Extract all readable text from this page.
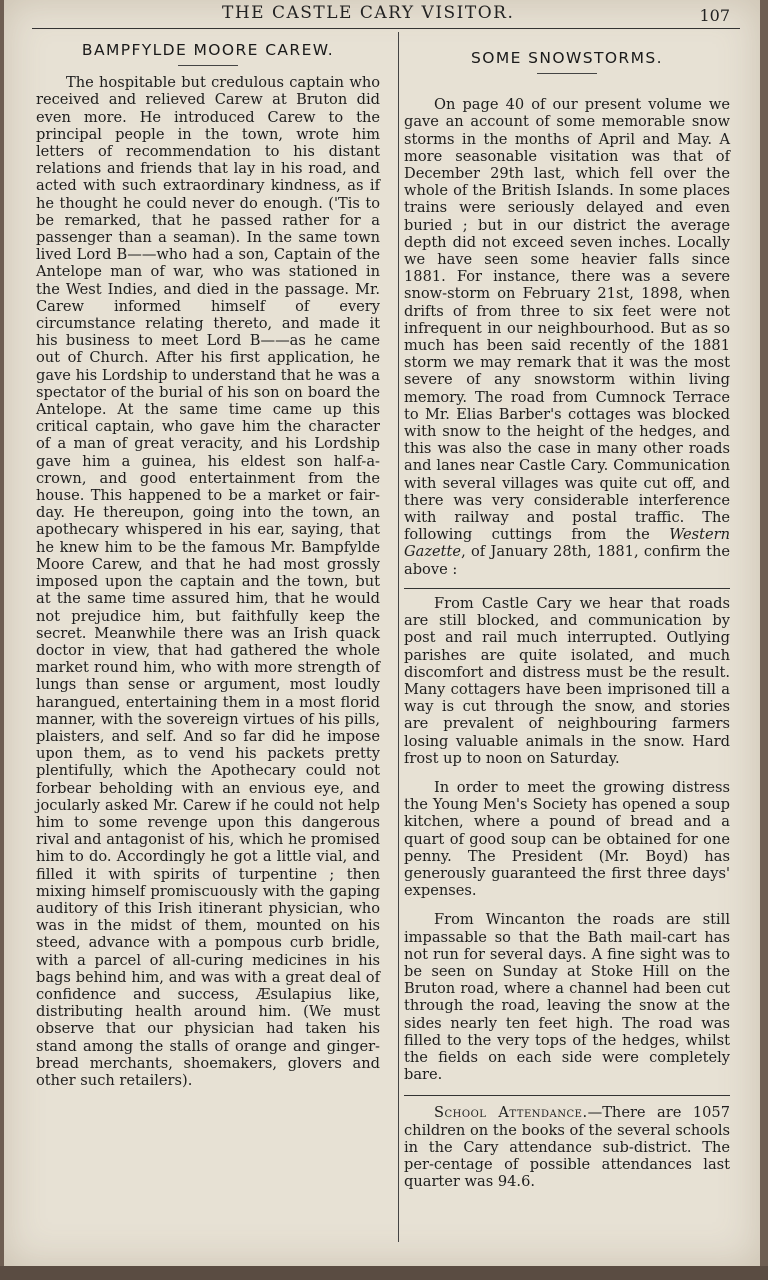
THE CASTLE CARY VISITOR.	107
BAMPFYLDE MOORE CAREW.

The hospitable but credulous captain who received and relieved Carew at Bruton did even more. He introduced Carew to the principal people in the town, wrote him letters of recommendation to his distant relations and friends that lay in his road, and acted with such extraordinary kindness, as if he thought he could never do enough. ('Tis to be remarked, that he passed rather for a passenger than a seaman). In the same town lived Lord B——who had a son, Captain of the Antelope man of war, who was stationed in the West Indies, and died in the passage. Mr. Carew informed himself of every circumstance relating thereto, and made it his business to meet Lord B——as he came out of Church. After his first application, he gave his Lordship to understand that he was a spectator of the burial of his son on board the Antelope. At the same time came up this critical captain, who gave him the character of a man of great veracity, and his Lordship gave him a guinea, his eldest son half-a-crown, and good entertainment from the house. This happened to be a market or fair-day. He thereupon, going into the town, an apothecary whispered in his ear, saying, that he knew him to be the famous Mr. Bampfylde Moore Carew, and that he had most grossly imposed upon the captain and the town, but at the same time assured him, that he would not prejudice him, but faithfully keep the secret. Meanwhile there was an Irish quack doctor in view, that had gathered the whole market round him, who with more strength of lungs than sense or argument, most loudly harangued, entertaining them in a most florid manner, with the sovereign virtues of his pills, plaisters, and self. And so far did he impose upon them, as to vend his packets pretty plentifully, which the Apothecary could not forbear beholding with an envious eye, and jocularly asked Mr. Carew if he could not help him to some revenge upon this dangerous rival and antagonist of his, which he promised him to do. Accordingly he got a little vial, and filled it with spirits of turpentine ; then mixing himself promiscuously with the gaping auditory of this Irish itinerant physician, who was in the midst of them, mounted on his steed, advance with a pompous curb bridle, with a parcel of all-curing medicines in his bags behind him, and was with a great deal of confidence and success, Æsulapius like, distributing health around him. (We must observe that our physician had taken his stand among the stalls of orange and ginger-bread merchants, shoemakers, glovers and other such retailers).

SOME SNOWSTORMS.

On page 40 of our present volume we gave an account of some memorable snow storms in the months of April and May. A more seasonable visitation was that of December 29th last, which fell over the whole of the British Islands. In some places trains were seriously delayed and even buried ; but in our district the average depth did not exceed seven inches. Locally we have seen some heavier falls since 1881. For instance, there was a severe snow-storm on February 21st, 1898, when drifts of from three to six feet were not infrequent in our neighbourhood. But as so much has been said recently of the 1881 storm we may remark that it was the most severe of any snowstorm within living memory. The road from Cumnock Terrace to Mr. Elias Barber's cottages was blocked with snow to the height of the hedges, and this was also the case in many other roads and lanes near Castle Cary. Communication with several villages was quite cut off, and there was very considerable interference with railway and postal traffic. The following cuttings from the Western Gazette, of January 28th, 1881, confirm the above :

From Castle Cary we hear that roads are still blocked, and communication by post and rail much interrupted. Outlying parishes are quite isolated, and much discomfort and distress must be the result. Many cottagers have been imprisoned till a way is cut through the snow, and stories are prevalent of neighbouring farmers losing valuable animals in the snow. Hard frost up to noon on Saturday.

In order to meet the growing distress the Young Men's Society has opened a soup kitchen, where a pound of bread and a quart of good soup can be obtained for one penny. The President (Mr. Boyd) has generously guaranteed the first three days' expenses.

From Wincanton the roads are still impassable so that the Bath mail-cart has not run for several days. A fine sight was to be seen on Sunday at Stoke Hill on the Bruton road, where a channel had been cut through the road, leaving the snow at the sides nearly ten feet high. The road was filled to the very tops of the hedges, whilst the fields on each side were completely bare.

School Attendance.—There are 1057 children on the books of the several schools in the Cary attendance sub-district. The per-centage of possible attendances last quarter was 94.6.
